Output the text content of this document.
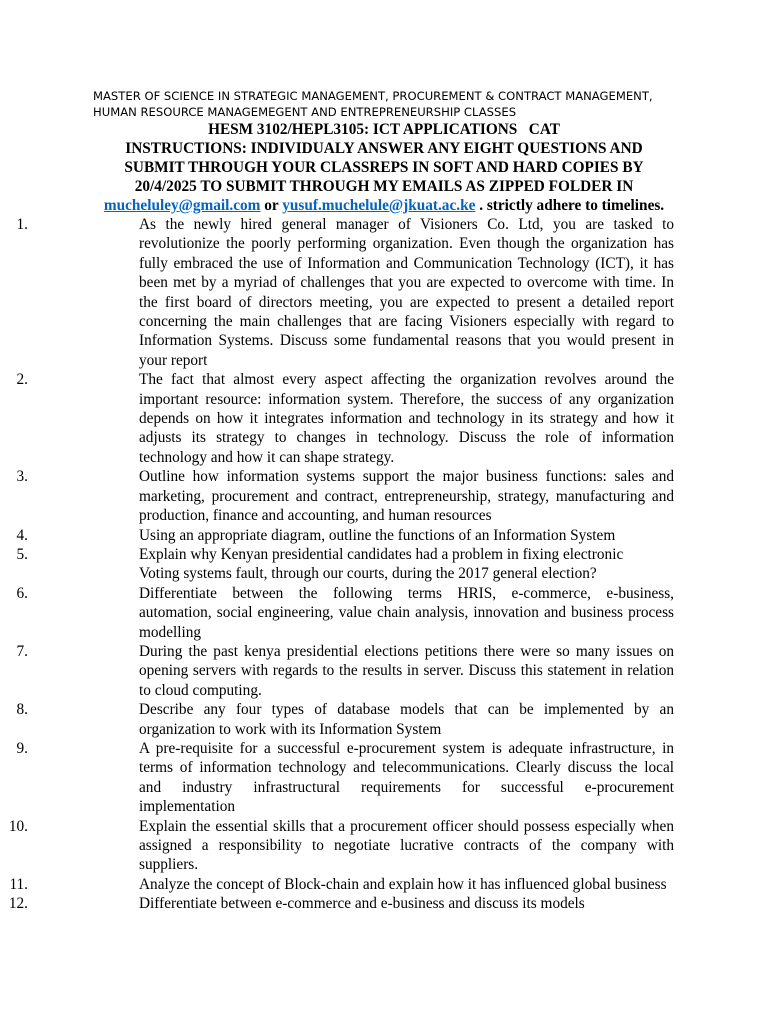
MASTER OF SCIENCE IN STRATEGIC MANAGEMENT, PROCUREMENT & CONTRACT MANAGEMENT,
HUMAN RESOURCE MANAGEMEGENT AND ENTREPRENEURSHIP CLASSES
HESM 3102/HEPL3105: ICT APPLICATIONS   CAT
INSTRUCTIONS: INDIVIDUALY ANSWER ANY EIGHT QUESTIONS AND
SUBMIT THROUGH YOUR CLASSREPS IN SOFT AND HARD COPIES BY
20/4/2025 TO SUBMIT THROUGH MY EMAILS AS ZIPPED FOLDER IN
mucheluley@gmail.com or yusuf.muchelule@jkuat.ac.ke . strictly adhere to timelines.
1.	As the newly hired general manager of Visioners Co. Ltd, you are tasked to
revolutionize the poorly performing organization. Even though the organization has
fully embraced the use of Information and Communication Technology (ICT), it has
been met by a myriad of challenges that you are expected to overcome with time. In
the first board of directors meeting, you are expected to present a detailed report
concerning the main challenges that are facing Visioners especially with regard to
Information Systems. Discuss some fundamental reasons that you would present in
your report
2.	The fact that almost every aspect affecting the organization revolves around the
important resource: information system. Therefore, the success of any organization
depends on how it integrates information and technology in its strategy and how it
adjusts its strategy to changes in technology. Discuss the role of information
technology and how it can shape strategy.
3.	Outline how information systems support the major business functions: sales and
marketing, procurement and contract, entrepreneurship, strategy, manufacturing and
production, finance and accounting, and human resources
4.	Using an appropriate diagram, outline the functions of an Information System
5.	Explain why Kenyan presidential candidates had a problem in fixing electronic
Voting systems fault, through our courts, during the 2017 general election?
6.	Differentiate between the following terms HRIS, e-commerce, e-business,
automation, social engineering, value chain analysis, innovation and business process
modelling
7.	During the past kenya presidential elections petitions there were so many issues on
opening servers with regards to the results in server. Discuss this statement in relation
to cloud computing.
8.	Describe any four types of database models that can be implemented by an
organization to work with its Information System
9.	A pre-requisite for a successful e-procurement system is adequate infrastructure, in
terms of information technology and telecommunications. Clearly discuss the local
and industry infrastructural requirements for successful e-procurement
implementation
10.	Explain the essential skills that a procurement officer should possess especially when
assigned a responsibility to negotiate lucrative contracts of the company with
suppliers.
11.	Analyze the concept of Block-chain and explain how it has influenced global business
12.	Differentiate between e-commerce and e-business and discuss its models
